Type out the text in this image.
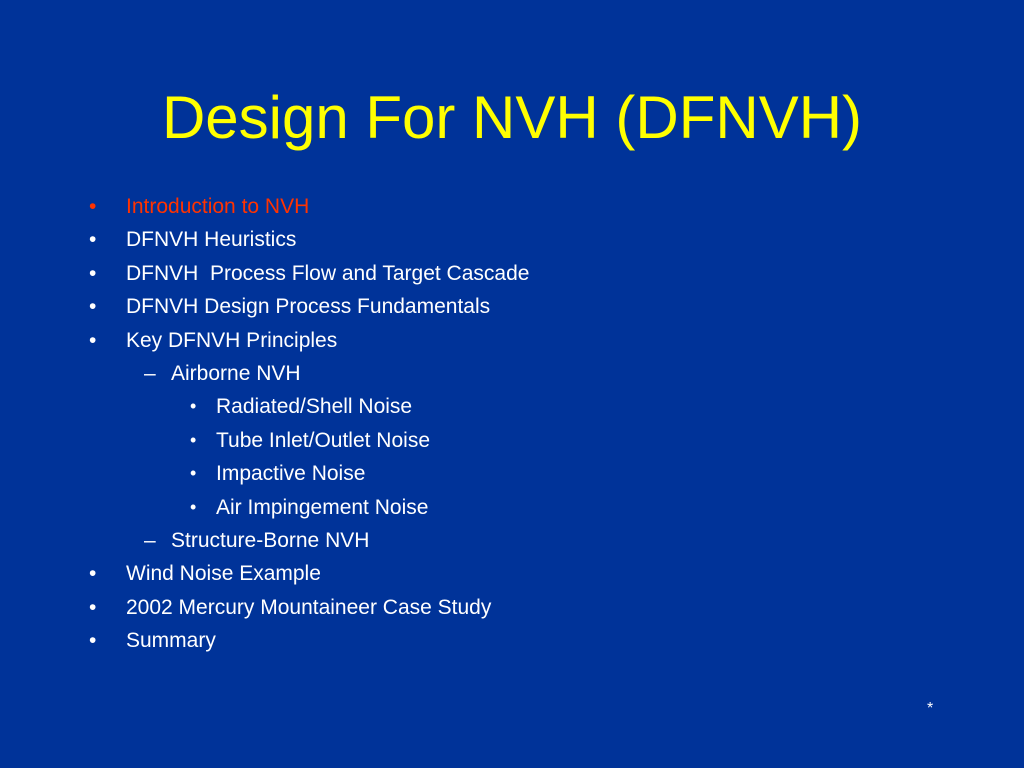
Design For NVH (DFNVH)
• Introduction to NVH
• DFNVH Heuristics
• DFNVH  Process Flow and Target Cascade
• DFNVH Design Process Fundamentals
• Key DFNVH Principles
– Airborne NVH
• Radiated/Shell Noise
• Tube Inlet/Outlet Noise
• Impactive Noise
• Air Impingement Noise
– Structure-Borne NVH
• Wind Noise Example
• 2002 Mercury Mountaineer Case Study
• Summary
*
